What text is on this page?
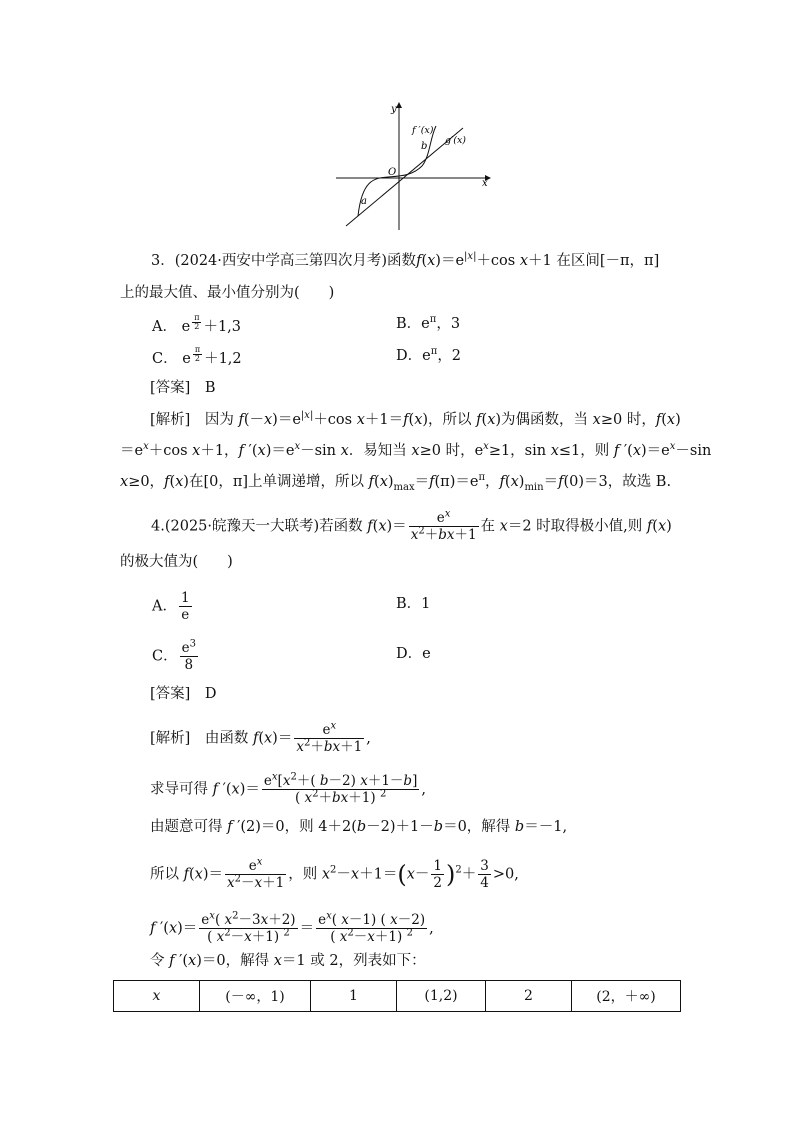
y
f ′(x)
g′(x)
b
O
a
x
3．(2024·西安中学高三第四次月考)函数$f(x)=e^{|x|}+\cos$ x＋1 在区间[－π，π]
上的最大值、最小值分别为(　　)
A． e $^{\frac{\pi}{2}}$ ＋1,3	B．$e^\pi$，3
C． e $^{\frac{\pi}{2}}$ ＋1,2	D．$e^\pi$，2
[答案]　 B
[解析]　因为 $f(-x)=e^{|x|}+\cos$ x＋1＝f(x)，所以 f(x)为偶函数，当 x≥0 时，f(x)
$=e^x+\cos$ x＋1，f $'(x)=e^x-\sin$ x．易知当 x≥0 时，$e^x\ge 1$，sin x≤1，则 f $'(x)=e^x-\sin$
x≥0，f(x)在[0，π]上单调递增，所以 $f(x)_{max}=f(\pi)=e^\pi$，$f(x)_{min}=f(0)=3$，故选 B.
4.(2025·皖豫天一大联考)若函数 $f(x)= \frac{e^x}{x^2+bx+1}$ 在 x＝2 时取得极小值,则 f(x)
的极大值为(　　)
A． $\frac{1}{e}$	B．1
C． $\frac{e^3}{8}$	D．e
[答案]　 D
[解析]　由函数 $f(x)= \frac{e^x}{x^2+bx+1}$ ,
求导可得 f $'(x)= \frac{e^x[x^2+( b-2) x+1-b]}{( x^2+bx+1) ^2}$ ,
由题意可得 f ′(2)＝0，则 4＋2(b－2)＋1－b＝0，解得 b＝－1,
所以 $f(x)= \frac{e^x}{x^2-x+1}$ ，则 $x^2-x+1=(x- \frac{1}{2} )^2+ \frac{3}{4} >0$,
f $'(x)= \frac{e^x( x^2-3x+2)}{( x^2-x+1) ^2} = \frac{e^x( x-1) ( x-2)}{( x^2-x+1) ^2}$ ,
令 f ′(x)＝0，解得 x＝1 或 2，列表如下：
x	(－∞，1)	1	(1,2)	2	(2，＋∞)
